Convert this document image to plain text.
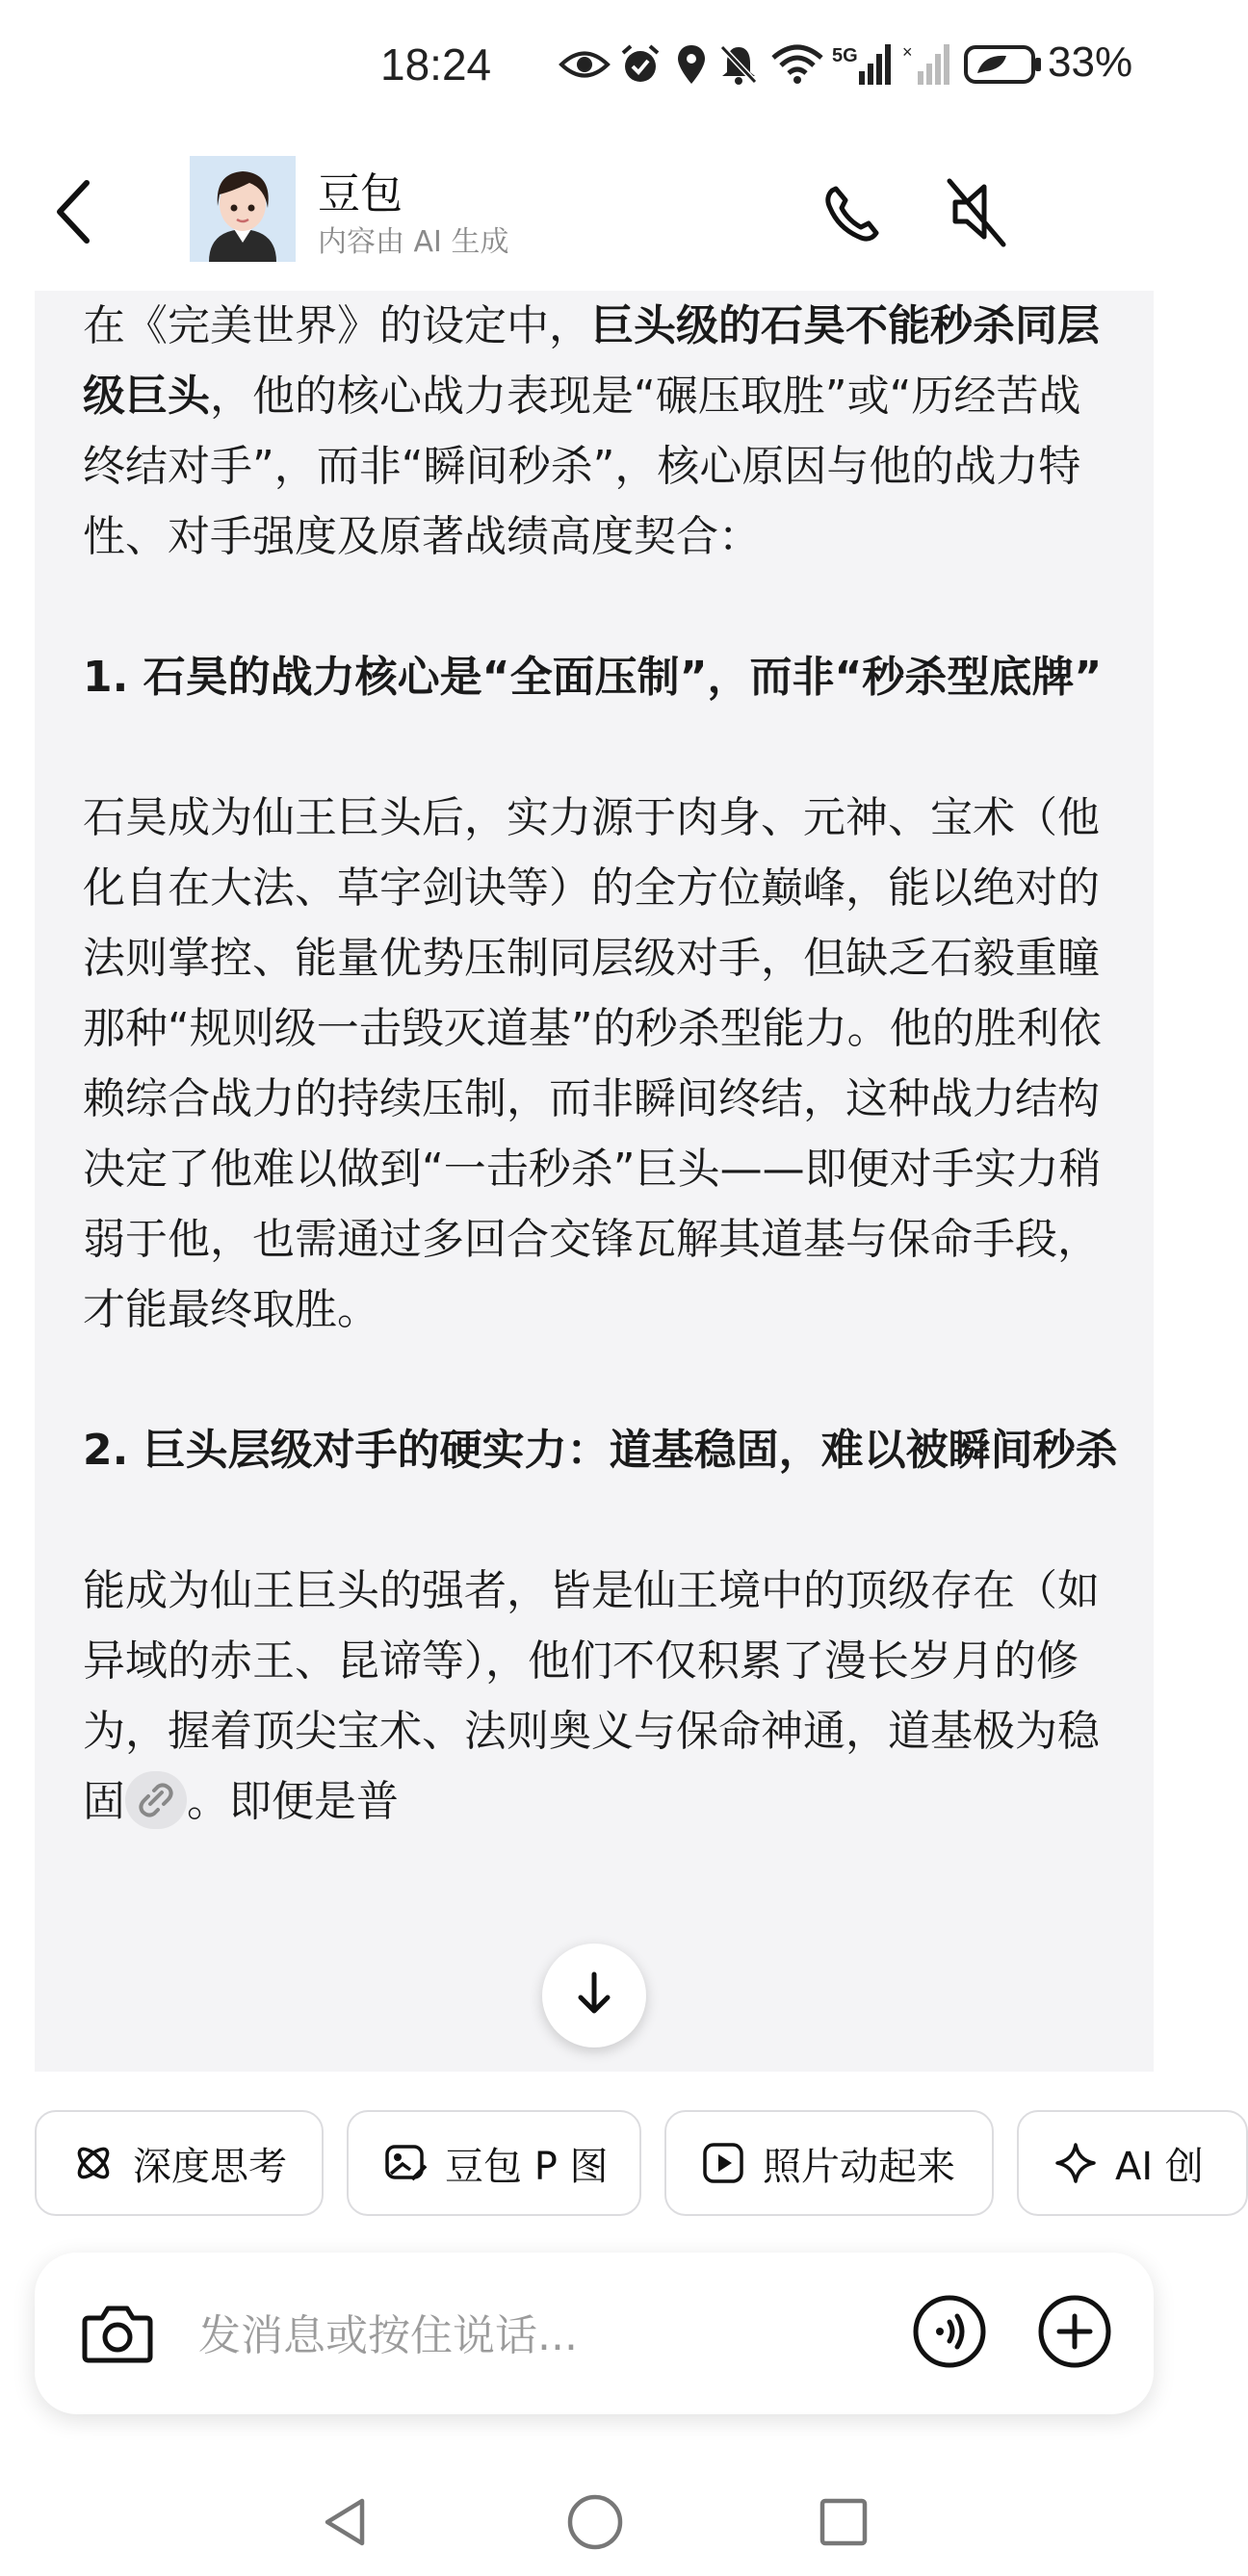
18:24	5G	×	33%
豆包
内容由 AI 生成

在《完美世界》的设定中，巨头级的石昊不能秒杀同层级巨头，他的核心战力表现是“碾压取胜”或“历经苦战终结对手”，而非“瞬间秒杀”，核心原因与他的战力特性、对手强度及原著战绩高度契合：

1. 石昊的战力核心是“全面压制”，而非“秒杀型底牌”

石昊成为仙王巨头后，实力源于肉身、元神、宝术（他化自在大法、草字剑诀等）的全方位巅峰，能以绝对的法则掌控、能量优势压制同层级对手，但缺乏石毅重瞳那种“规则级一击毁灭道基”的秒杀型能力。他的胜利依赖综合战力的持续压制，而非瞬间终结，这种战力结构决定了他难以做到“一击秒杀”巨头——即便对手实力稍弱于他，也需通过多回合交锋瓦解其道基与保命手段，才能最终取胜。

2. 巨头层级对手的硬实力：道基稳固，难以被瞬间秒杀

能成为仙王巨头的强者，皆是仙王境中的顶级存在（如异域的赤王、昆谛等），他们不仅积累了漫长岁月的修为，握着顶尖宝术、法则奥义与保命神通，道基极为稳固 。即便是普

深度思考	豆包 P 图	照片动起来	AI 创
发消息或按住说话...
